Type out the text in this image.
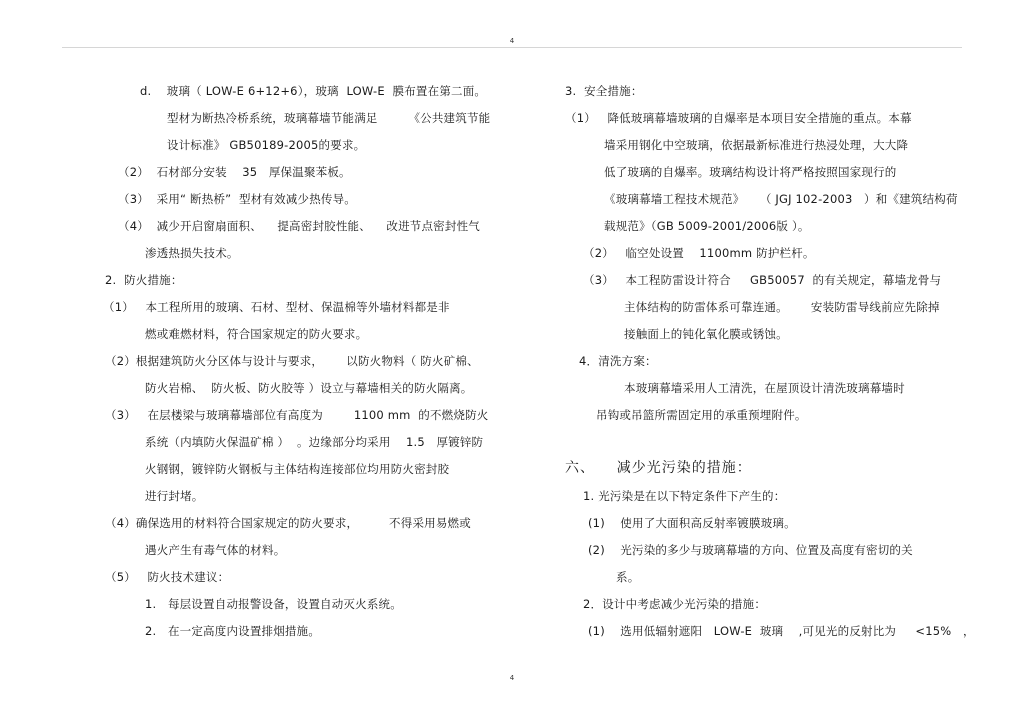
4
d.    玻璃（ LOW-E 6+12+6），玻璃  LOW-E  膜布置在第二面。
型材为断热冷桥系统，玻璃幕墙节能满足        《公共建筑节能
设计标准》 GB50189-2005的要求。
（2）  石材部分安装    35   厚保温聚苯板。
（3）  采用“ 断热桥”  型材有效减少热传导。
（4）  减少开启窗扇面积、    提高密封胶性能、    改进节点密封性气
渗透热损失技术。
2.  防火措施：
（1）   本工程所用的玻璃、石材、型材、保温棉等外墙材料都是非
燃或难燃材料，符合国家规定的防火要求。
（2）根据建筑防火分区体与设计与要求，      以防火物料（ 防火矿棉、
防火岩棉、  防火板、防火胶等 ）设立与幕墙相关的防火隔离。
（3）   在层楼梁与玻璃幕墙部位有高度为        1100 mm  的不燃烧防火
系统（内填防火保温矿棉 ）  。边缘部分均采用    1.5   厚镀锌防
火钢钢，镀锌防火钢板与主体结构连接部位均用防火密封胶
进行封堵。
（4）确保选用的材料符合国家规定的防火要求，        不得采用易燃或
遇火产生有毒气体的材料。
（5）   防火技术建议：
1.   每层设置自动报警设备，设置自动灭火系统。
2.   在一定高度内设置排烟措施。
3.  安全措施：
（1）   降低玻璃幕墙玻璃的自爆率是本项目安全措施的重点。本幕
墙采用钢化中空玻璃，依据最新标准进行热浸处理，大大降
低了玻璃的自爆率。玻璃结构设计将严格按照国家现行的
《玻璃幕墙工程技术规范》    （ JGJ 102-2003   ）和《建筑结构荷
载规范》（GB 5009-2001/2006版 ）。
（2）   临空处设置    1100mm 防护栏杆。
（3）   本工程防雷设计符合     GB50057  的有关规定，幕墙龙骨与
主体结构的防雷体系可靠连通。      安装防雷导线前应先除掉
接触面上的钝化氧化膜或锈蚀。
4．清洗方案：
本玻璃幕墙采用人工清洗，在屋顶设计清洗玻璃幕墙时
吊钩或吊篮所需固定用的承重预埋附件。
六、    减少光污染的措施：
1. 光污染是在以下特定条件下产生的：
(1)    使用了大面积高反射率镀膜玻璃。
(2)    光污染的多少与玻璃幕墙的方向、位置及高度有密切的关
系。
2．设计中考虑减少光污染的措施：
(1)    选用低辐射遮阳   LOW-E  玻璃    ,可见光的反射比为     <15%   ，
4
